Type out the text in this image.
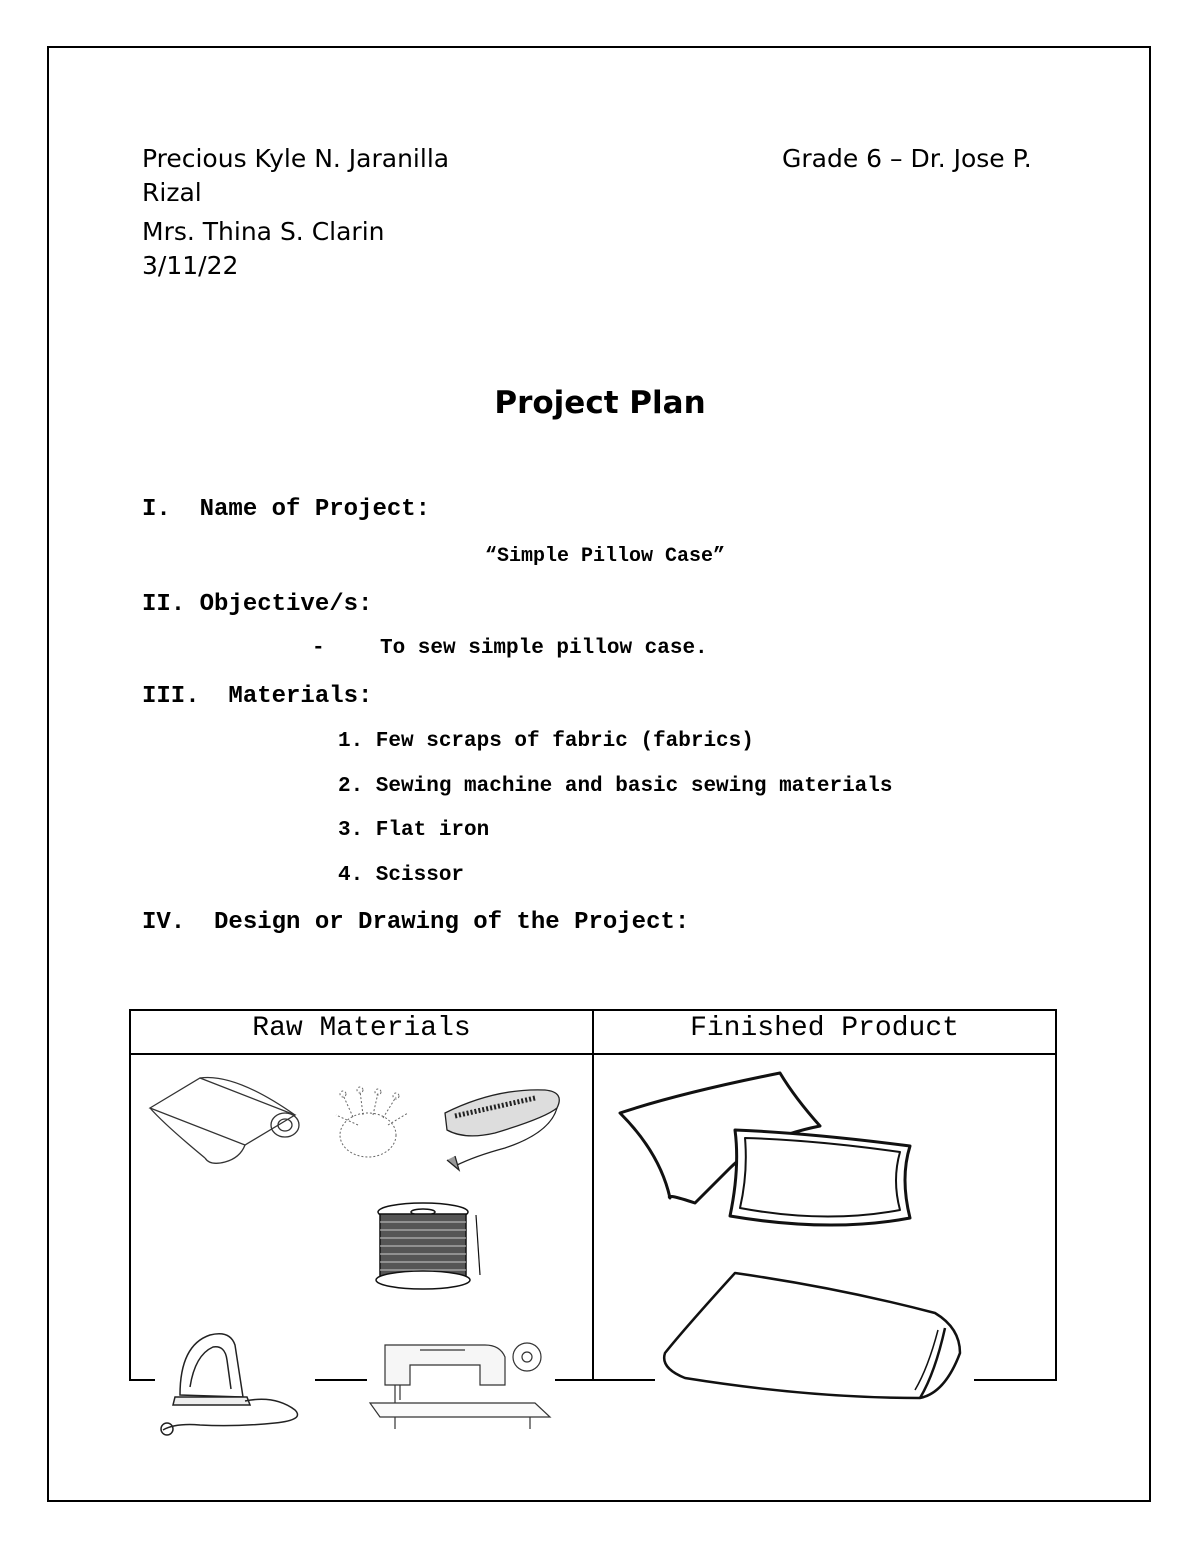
Precious Kyle N. Jaranilla	Grade 6 – Dr. Jose P.
Rizal
Mrs. Thina S. Clarin
3/11/22
Project Plan
I.  Name of Project:
“Simple Pillow Case”
II. Objective/s:
-	To sew simple pillow case.
III.  Materials:
1. Few scraps of fabric (fabrics)
2. Sewing machine and basic sewing materials
3. Flat iron
4. Scissor
IV.  Design or Drawing of the Project:
Raw Materials	Finished Product
